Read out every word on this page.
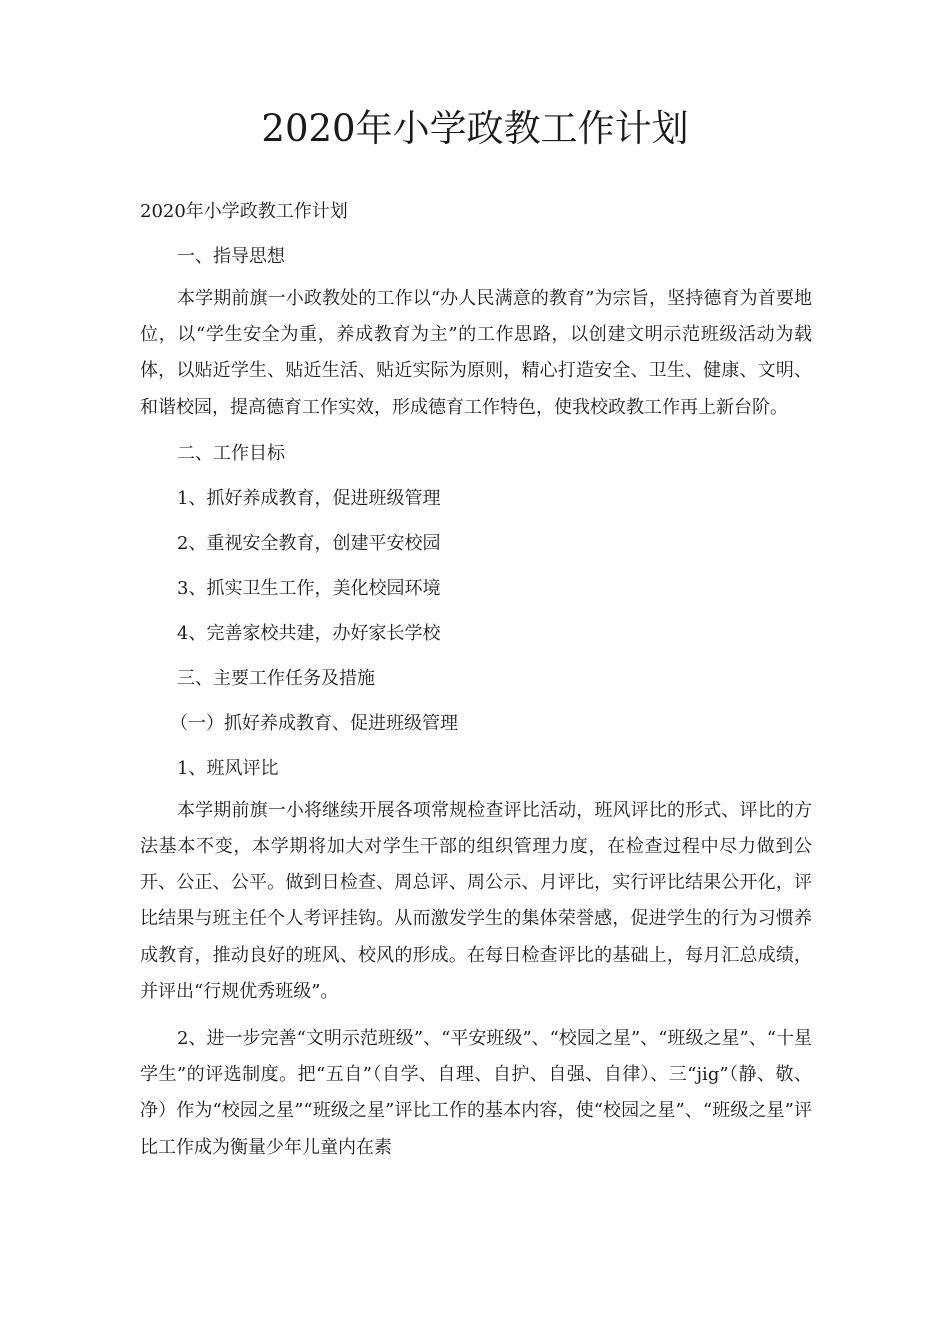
2020年小学政教工作计划

2020年小学政教工作计划

一、指导思想

本学期前旗一小政教处的工作以“办人民满意的教育”为宗旨，坚持德育为首要地位，以“学生安全为重，养成教育为主”的工作思路，以创建文明示范班级活动为载体，以贴近学生、贴近生活、贴近实际为原则，精心打造安全、卫生、健康、文明、和谐校园，提高德育工作实效，形成德育工作特色，使我校政教工作再上新台阶。

二、工作目标

1、抓好养成教育，促进班级管理

2、重视安全教育，创建平安校园

3、抓实卫生工作，美化校园环境

4、完善家校共建，办好家长学校

三、主要工作任务及措施

（一）抓好养成教育、促进班级管理

1、班风评比

本学期前旗一小将继续开展各项常规检查评比活动，班风评比的形式、评比的方法基本不变，本学期将加大对学生干部的组织管理力度，在检查过程中尽力做到公开、公正、公平。做到日检查、周总评、周公示、月评比，实行评比结果公开化，评比结果与班主任个人考评挂钩。从而激发学生的集体荣誉感，促进学生的行为习惯养成教育，推动良好的班风、校风的形成。在每日检查评比的基础上，每月汇总成绩，并评出“行规优秀班级”。

2、进一步完善“文明示范班级”、“平安班级”、“校园之星”、“班级之星”、“十星学生”的评选制度。把“五自”（自学、自理、自护、自强、自律）、三“jig”（静、敬、净）作为“校园之星”“班级之星”评比工作的基本内容，使“校园之星”、“班级之星”评比工作成为衡量少年儿童内在素
